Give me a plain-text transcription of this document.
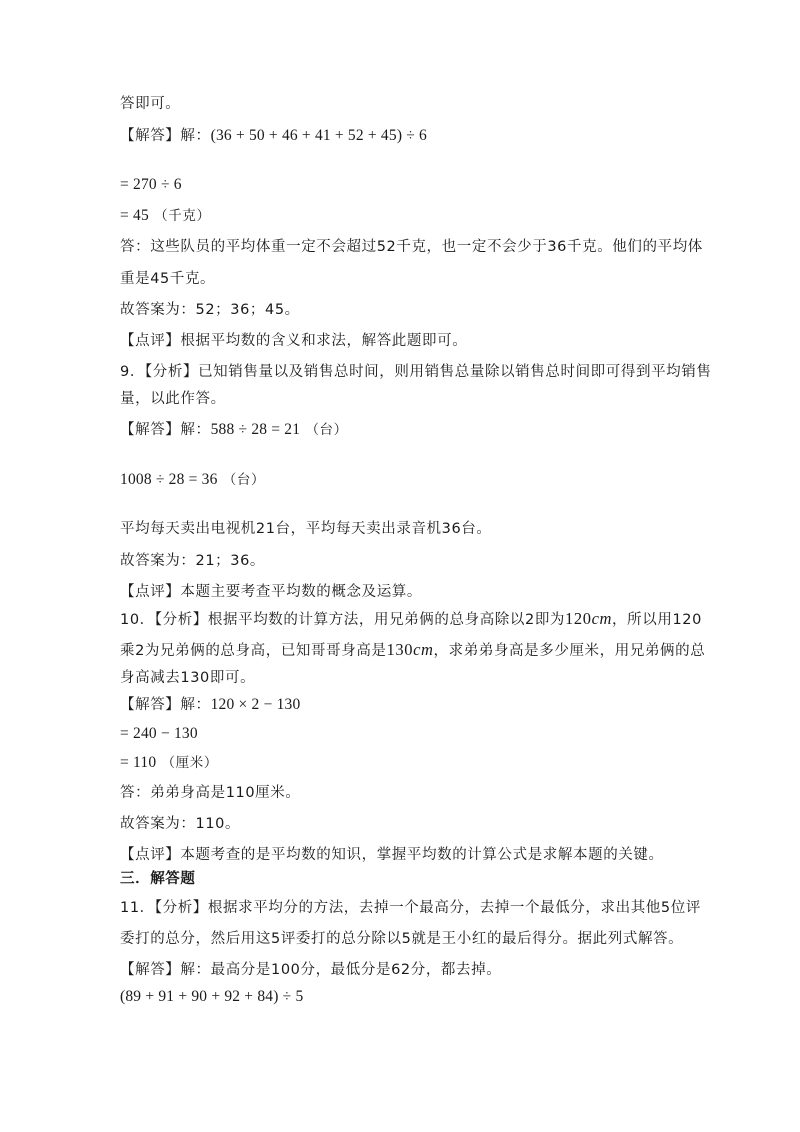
答即可。
【解答】解：(36 + 50 + 46 + 41 + 52 + 45) ÷ 6
= 270 ÷ 6
= 45 （千克）
答：这些队员的平均体重一定不会超过52千克，也一定不会少于36千克。他们的平均体
重是45千克。
故答案为：52；36；45。
【点评】根据平均数的含义和求法，解答此题即可。
9．【分析】已知销售量以及销售总时间，则用销售总量除以销售总时间即可得到平均销售
量，以此作答。
【解答】解：588 ÷ 28 = 21 （台）
1008 ÷ 28 = 36 （台）
平均每天卖出电视机21台，平均每天卖出录音机36台。
故答案为：21；36。
【点评】本题主要考查平均数的概念及运算。
10．【分析】根据平均数的计算方法，用兄弟俩的总身高除以2即为120cm，所以用120
乘2为兄弟俩的总身高，已知哥哥身高是130cm，求弟弟身高是多少厘米，用兄弟俩的总
身高减去130即可。
【解答】解：120 × 2 − 130
= 240 − 130
= 110 （厘米）
答：弟弟身高是110厘米。
故答案为：110。
【点评】本题考查的是平均数的知识，掌握平均数的计算公式是求解本题的关键。
三．解答题
11．【分析】根据求平均分的方法，去掉一个最高分，去掉一个最低分，求出其他5位评
委打的总分，然后用这5评委打的总分除以5就是王小红的最后得分。据此列式解答。
【解答】解：最高分是100分，最低分是62分，都去掉。
(89 + 91 + 90 + 92 + 84) ÷ 5
